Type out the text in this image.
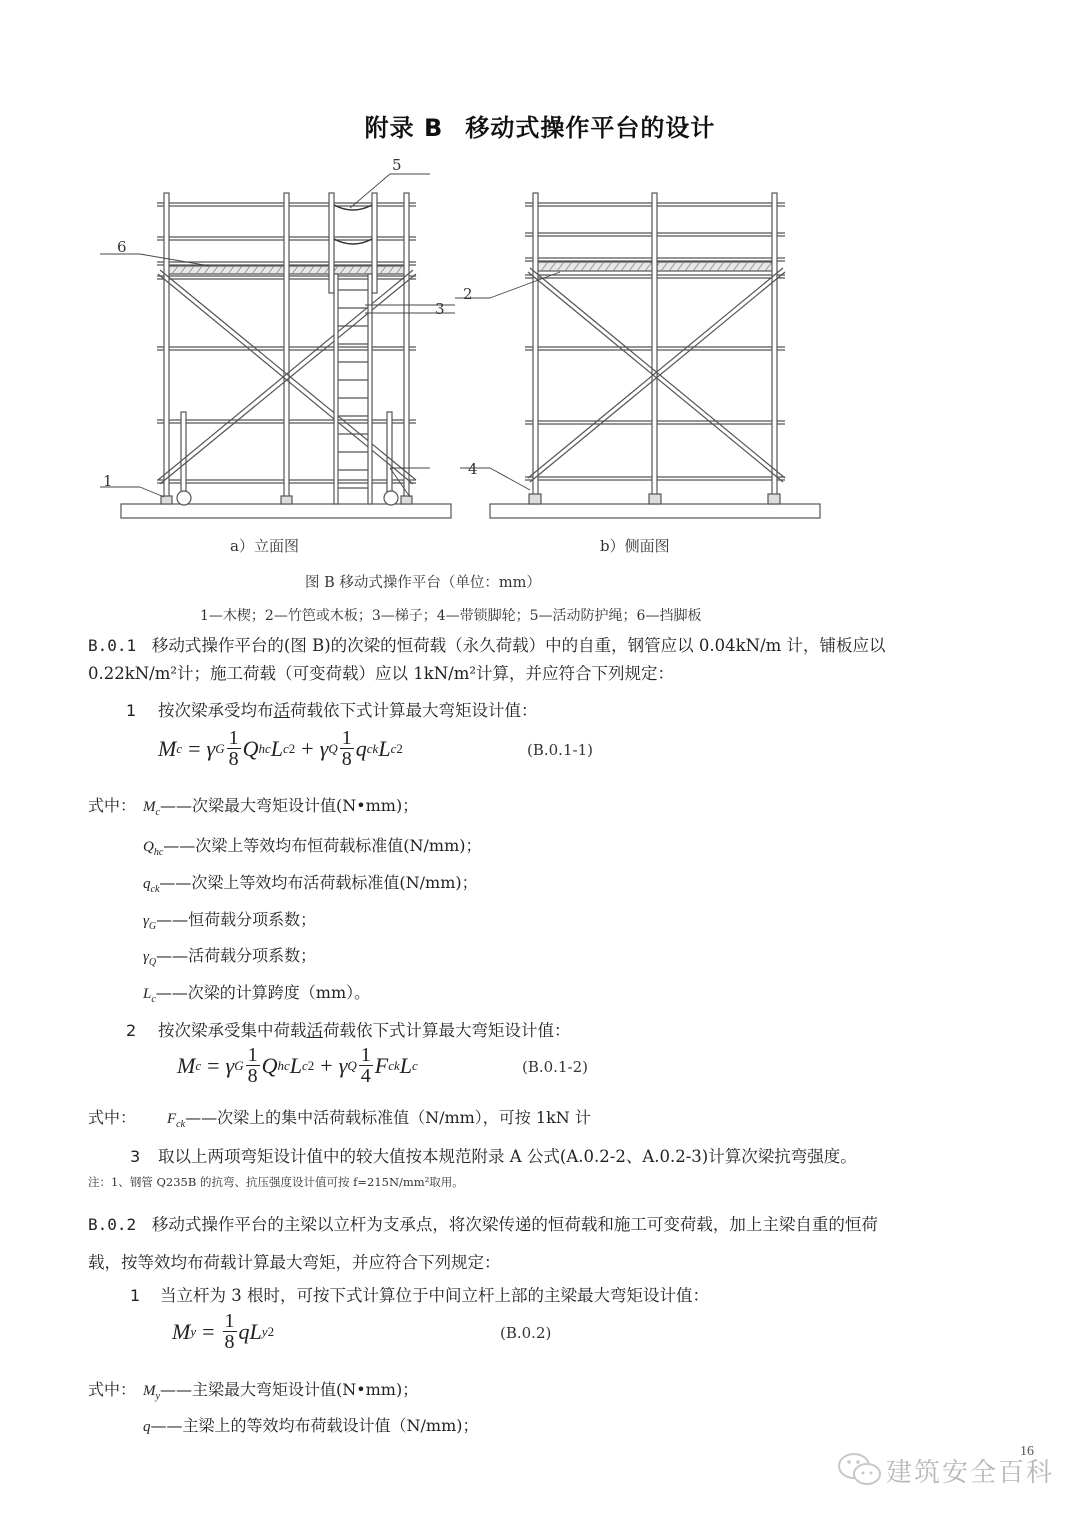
附录 B 移动式操作平台的设计
1
2
3
4
5
6
a）立面图	b）侧面图
图 B 移动式操作平台（单位：mm）
1—木楔；2—竹笆或木板；3—梯子；4—带锁脚轮；5—活动防护绳；6—挡脚板
B.0.1 移动式操作平台的(图 B)的次梁的恒荷载（永久荷载）中的自重，钢管应以 0.04kN/m 计，铺板应以
0.22kN/m²计；施工荷载（可变荷载）应以 1kN/m²计算，并应符合下列规定：
1 按次梁承受均布活荷载依下式计算最大弯矩设计值：
M c = γ G $\frac{1}{8}$ Q hc L c 2 + γ Q $\frac{1}{8}$ q ck L c 2	(B.0.1-1)
式中： $M_c——$次梁最大弯矩设计值(N•mm)；
$Q_{hc}——$次梁上等效均布恒荷载标准值(N/mm)；
$q_{ck}——$次梁上等效均布活荷载标准值(N/mm)；
$\gamma_G——$恒荷载分项系数；
$\gamma_Q——$活荷载分项系数；
$L_c——$次梁的计算跨度（mm）。
2 按次梁承受集中荷载活荷载依下式计算最大弯矩设计值：
M c = γ G $\frac{1}{8}$ Q hc L c 2 + γ Q $\frac{1}{4}$ F ck L c	(B.0.1-2)
式中： $F_{ck}——$次梁上的集中活荷载标准值（N/mm），可按 1kN 计
3 取以上两项弯矩设计值中的较大值按本规范附录 A 公式(A.0.2-2、A.0.2-3)计算次梁抗弯强度。
注：1、钢管 Q235B 的抗弯、抗压强度设计值可按 f=215N/mm²取用。
B.0.2 移动式操作平台的主梁以立杆为支承点，将次梁传递的恒荷载和施工可变荷载，加上主梁自重的恒荷
载，按等效均布荷载计算最大弯矩，并应符合下列规定：
1 当立杆为 3 根时，可按下式计算位于中间立杆上部的主梁最大弯矩设计值：
M $y = \frac{1}{8}$ q L y 2	(B.0.2)
式中： $M_y——$主梁最大弯矩设计值(N•mm)；
q——主梁上的等效均布荷载设计值（N/mm)；
建筑安全百科
16
